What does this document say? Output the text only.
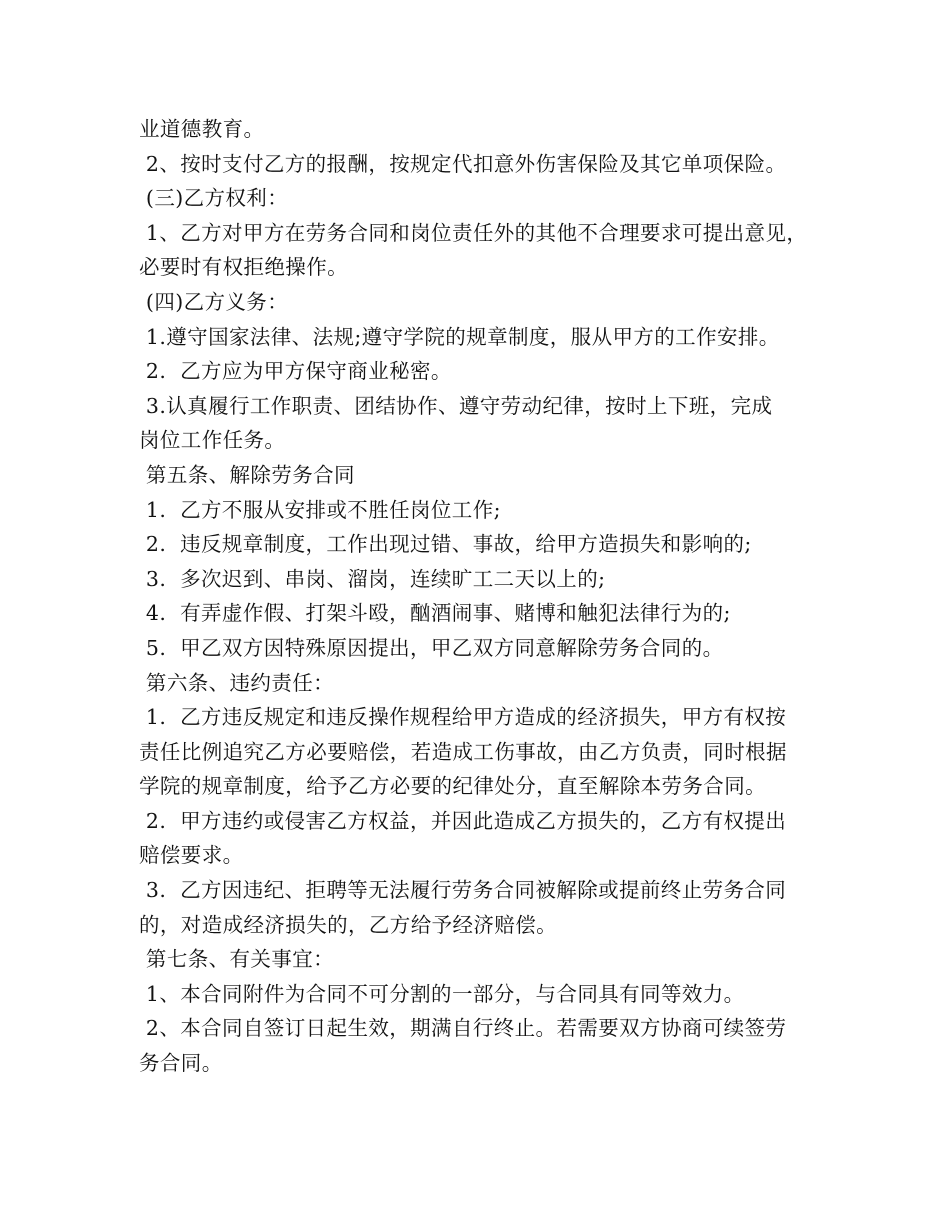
业道德教育。
2、按时支付乙方的报酬，按规定代扣意外伤害保险及其它单项保险。
(三)乙方权利：
1、乙方对甲方在劳务合同和岗位责任外的其他不合理要求可提出意见，
必要时有权拒绝操作。
(四)乙方义务：
1.遵守国家法律、法规;遵守学院的规章制度，服从甲方的工作安排。
2.  乙方应为甲方保守商业秘密。
3.认真履行工作职责、团结协作、遵守劳动纪律，按时上下班，完成
岗位工作任务。
第五条、解除劳务合同
1.  乙方不服从安排或不胜任岗位工作;
2.  违反规章制度，工作出现过错、事故，给甲方造损失和影响的;
3.  多次迟到、串岗、溜岗，连续旷工二天以上的;
4.  有弄虚作假、打架斗殴，酗酒闹事、赌博和触犯法律行为的;
5.  甲乙双方因特殊原因提出，甲乙双方同意解除劳务合同的。
第六条、违约责任：
1.  乙方违反规定和违反操作规程给甲方造成的经济损失，甲方有权按
责任比例追究乙方必要赔偿，若造成工伤事故，由乙方负责，同时根据
学院的规章制度，给予乙方必要的纪律处分，直至解除本劳务合同。
2.  甲方违约或侵害乙方权益，并因此造成乙方损失的，乙方有权提出
赔偿要求。
3.  乙方因违纪、拒聘等无法履行劳务合同被解除或提前终止劳务合同
的，对造成经济损失的，乙方给予经济赔偿。
第七条、有关事宜：
1、本合同附件为合同不可分割的一部分，与合同具有同等效力。
2、本合同自签订日起生效，期满自行终止。若需要双方协商可续签劳
务合同。
